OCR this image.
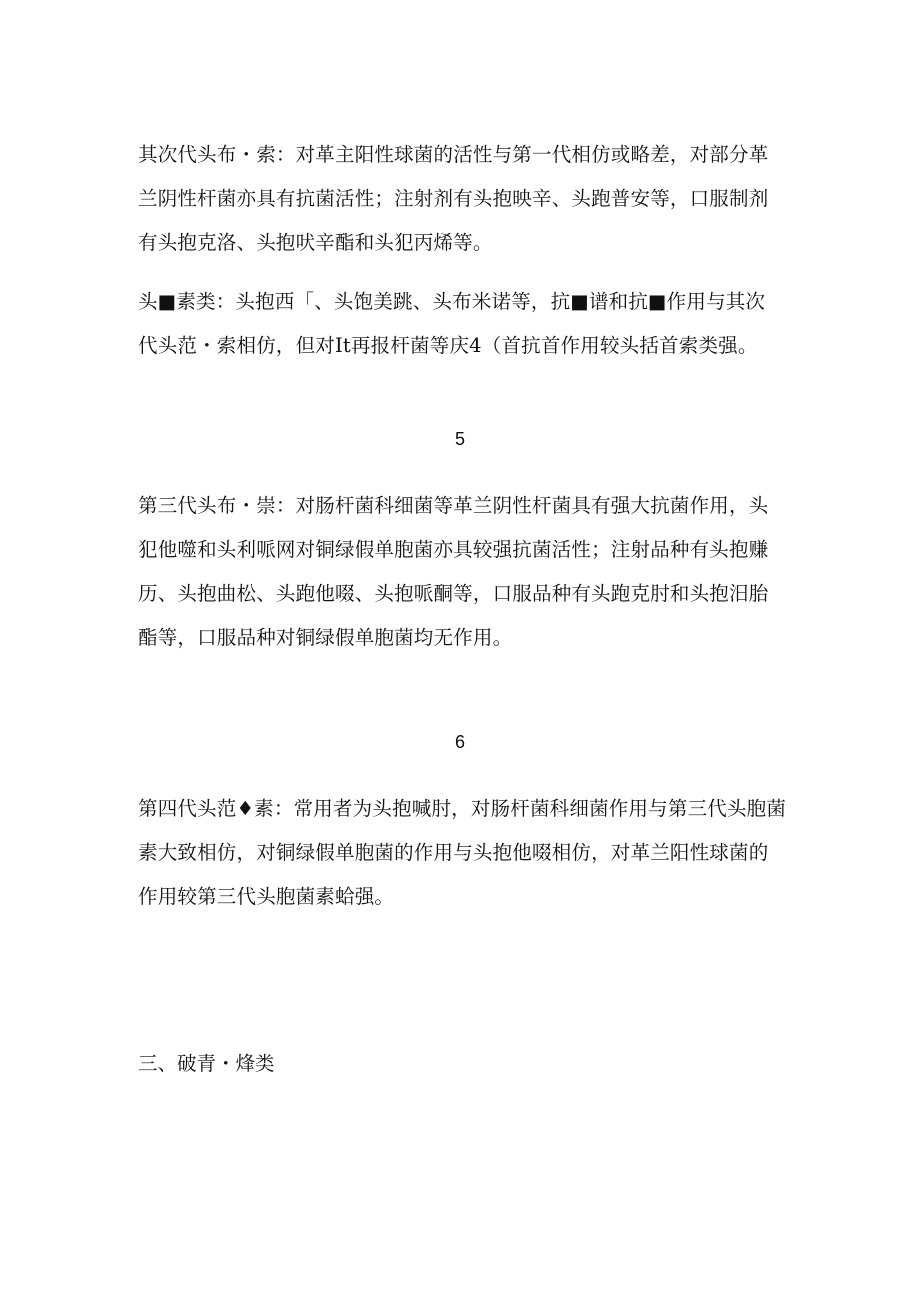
其次代头布・索：对革主阳性球菌的活性与第一代相仿或略差，对部分革
兰阴性杆菌亦具有抗菌活性；注射剂有头抱映辛、头跑普安等，口服制剂
有头抱克洛、头抱吠辛酯和头犯丙烯等。
头■素类：头抱西「、头饱美跳、头布米诺等，抗■谱和抗■作用与其次
代头范・索相仿，但对It再报杆菌等庆4（首抗首作用较头括首索类强。
5
第三代头布・崇：对肠杆菌科细菌等革兰阴性杆菌具有强大抗菌作用，头
犯他噬和头利哌网对铜绿假单胞菌亦具较强抗菌活性；注射品种有头抱赚
历、头抱曲松、头跑他啜、头抱哌酮等，口服品种有头跑克肘和头抱汨胎
酯等，口服品种对铜绿假单胞菌均无作用。
6
第四代头范♦素：常用者为头抱喊肘，对肠杆菌科细菌作用与第三代头胞菌
素大致相仿，对铜绿假单胞菌的作用与头抱他啜相仿，对革兰阳性球菌的
作用较第三代头胞菌素蛤强。
三、破青・烽类
